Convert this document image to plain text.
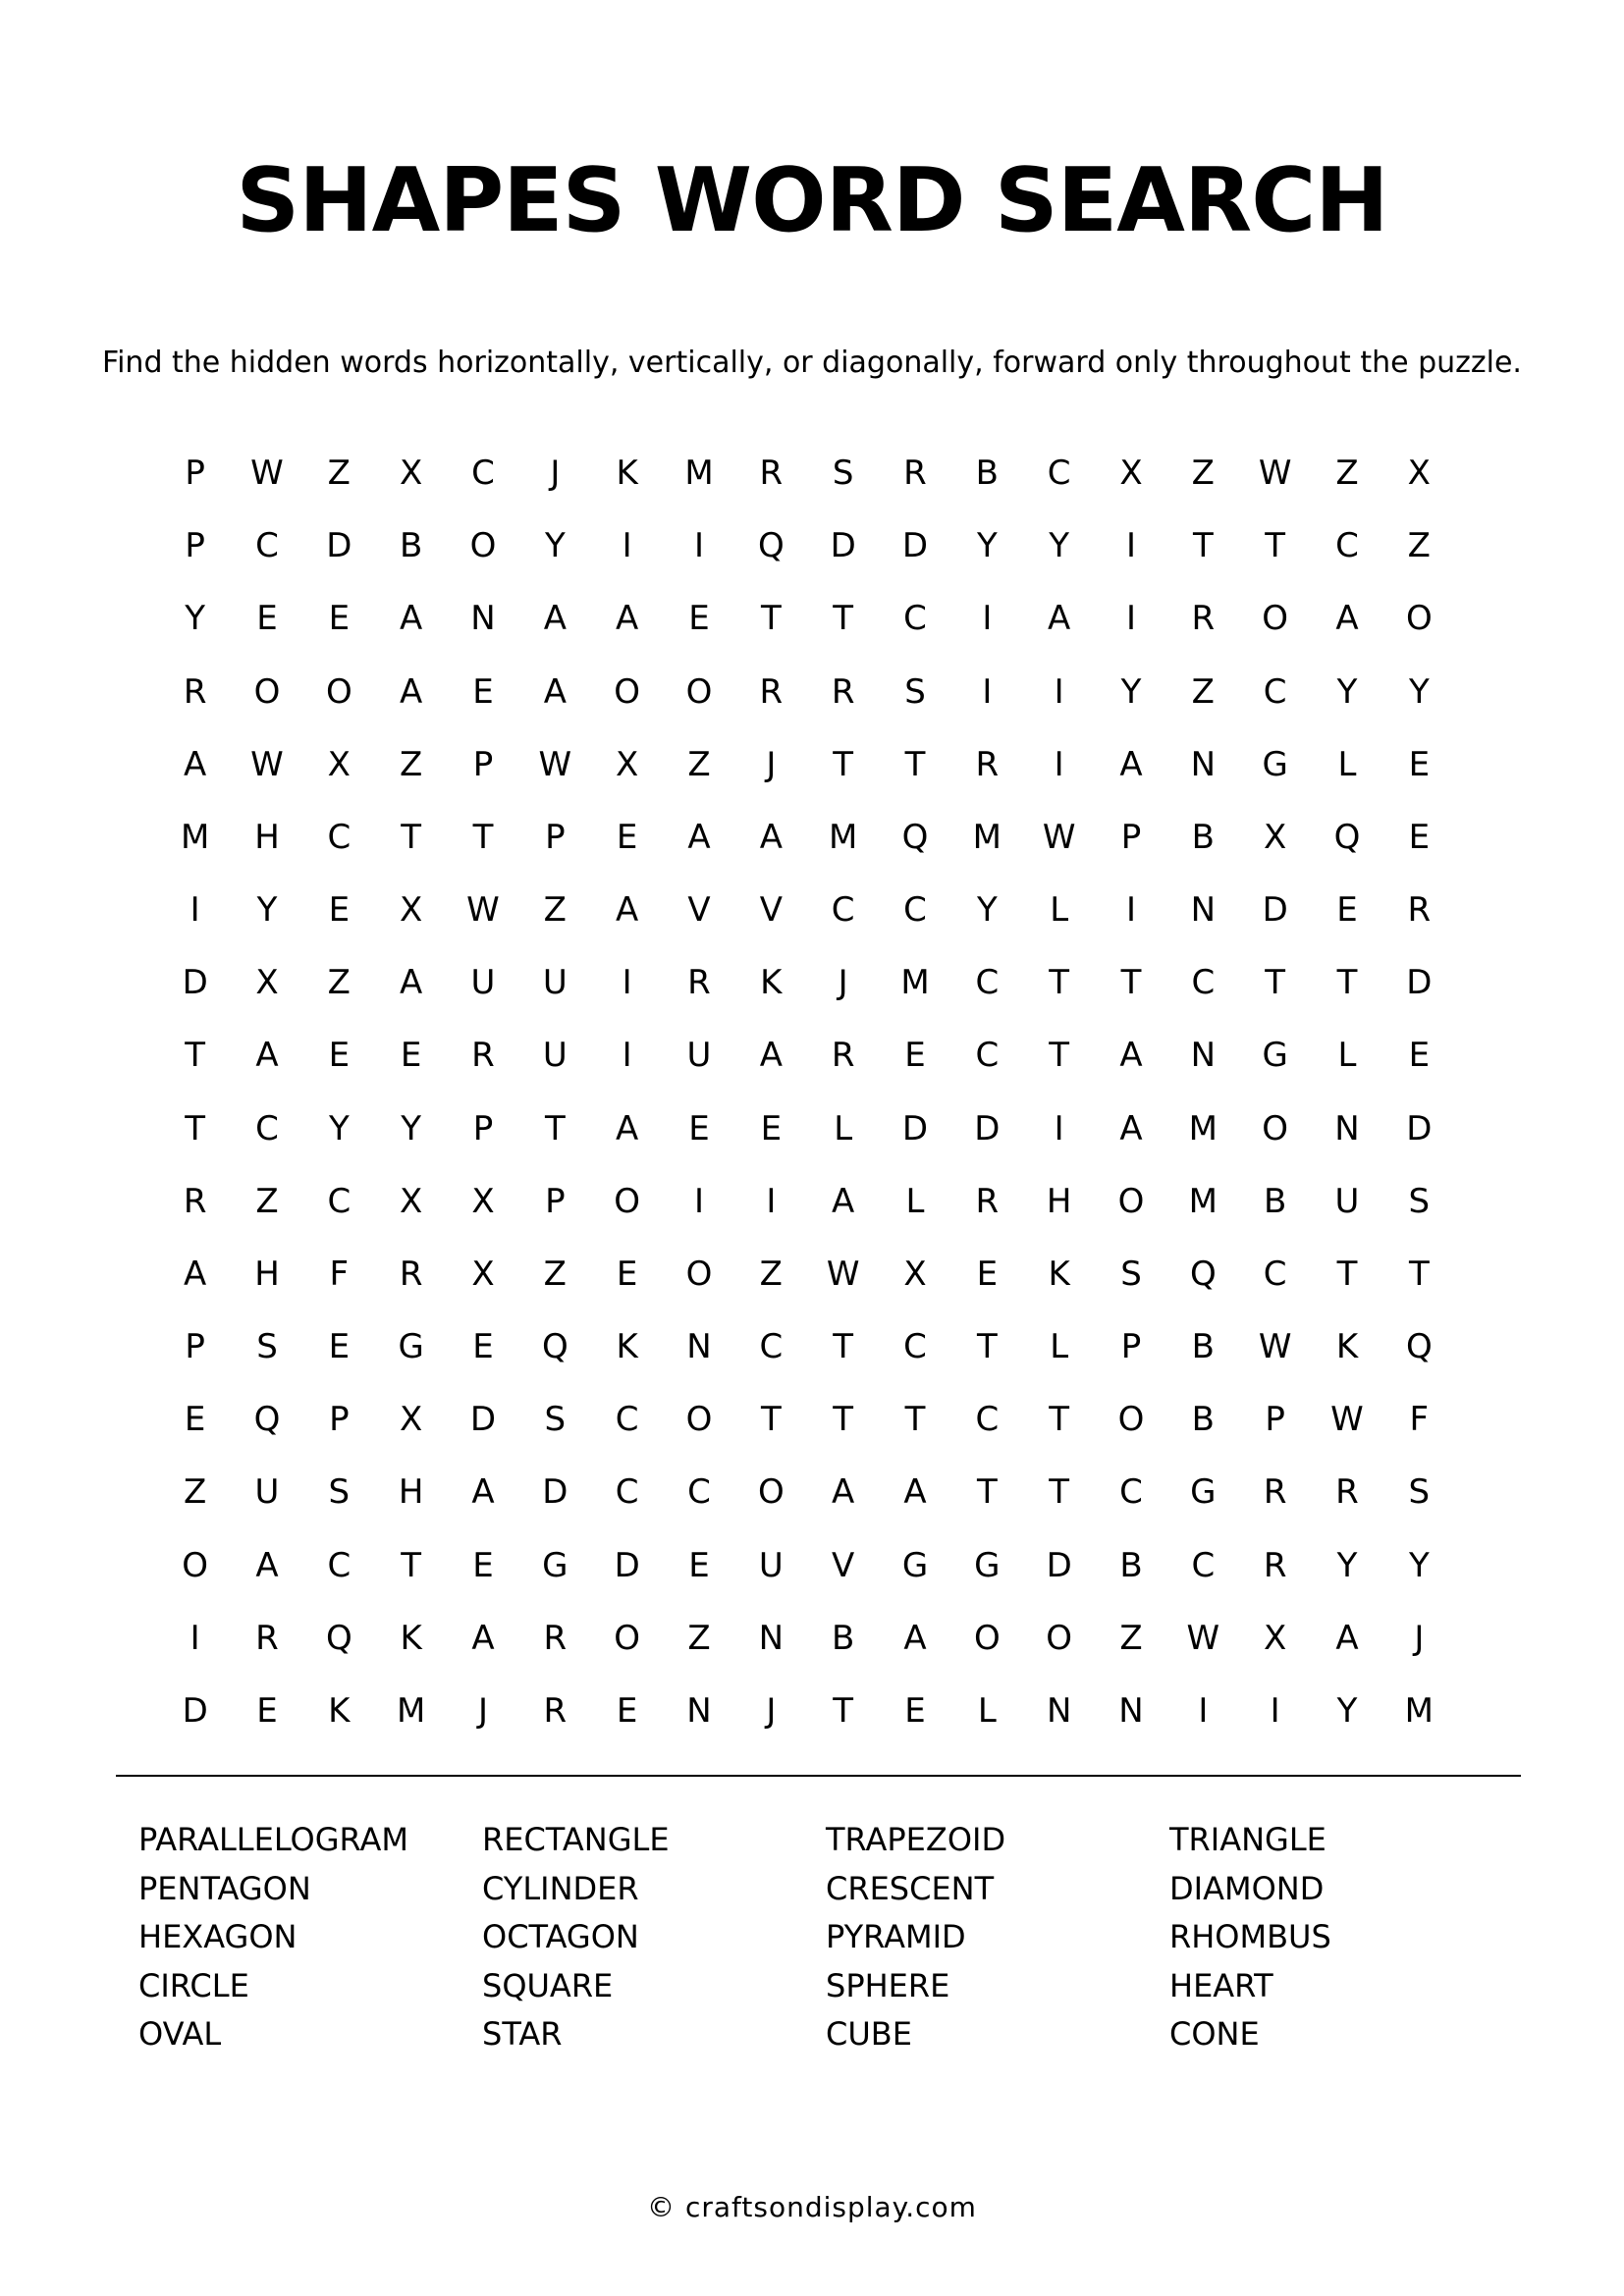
SHAPES WORD SEARCH
Find the hidden words horizontally, vertically, or diagonally, forward only throughout the puzzle.
P	W	Z	X	C	J	K	M	R	S	R	B	C	X	Z	W	Z	X
P	C	D	B	O	Y	I	I	Q	D	D	Y	Y	I	T	T	C	Z
Y	E	E	A	N	A	A	E	T	T	C	I	A	I	R	O	A	O
R	O	O	A	E	A	O	O	R	R	S	I	I	Y	Z	C	Y	Y
A	W	X	Z	P	W	X	Z	J	T	T	R	I	A	N	G	L	E
M	H	C	T	T	P	E	A	A	M	Q	M	W	P	B	X	Q	E
I	Y	E	X	W	Z	A	V	V	C	C	Y	L	I	N	D	E	R
D	X	Z	A	U	U	I	R	K	J	M	C	T	T	C	T	T	D
T	A	E	E	R	U	I	U	A	R	E	C	T	A	N	G	L	E
T	C	Y	Y	P	T	A	E	E	L	D	D	I	A	M	O	N	D
R	Z	C	X	X	P	O	I	I	A	L	R	H	O	M	B	U	S
A	H	F	R	X	Z	E	O	Z	W	X	E	K	S	Q	C	T	T
P	S	E	G	E	Q	K	N	C	T	C	T	L	P	B	W	K	Q
E	Q	P	X	D	S	C	O	T	T	T	C	T	O	B	P	W	F
Z	U	S	H	A	D	C	C	O	A	A	T	T	C	G	R	R	S
O	A	C	T	E	G	D	E	U	V	G	G	D	B	C	R	Y	Y
I	R	Q	K	A	R	O	Z	N	B	A	O	O	Z	W	X	A	J
D	E	K	M	J	R	E	N	J	T	E	L	N	N	I	I	Y	M
PARALLELOGRAM	RECTANGLE	TRAPEZOID	TRIANGLE
PENTAGON	CYLINDER	CRESCENT	DIAMOND
HEXAGON	OCTAGON	PYRAMID	RHOMBUS
CIRCLE	SQUARE	SPHERE	HEART
OVAL	STAR	CUBE	CONE
© craftsondisplay.com
